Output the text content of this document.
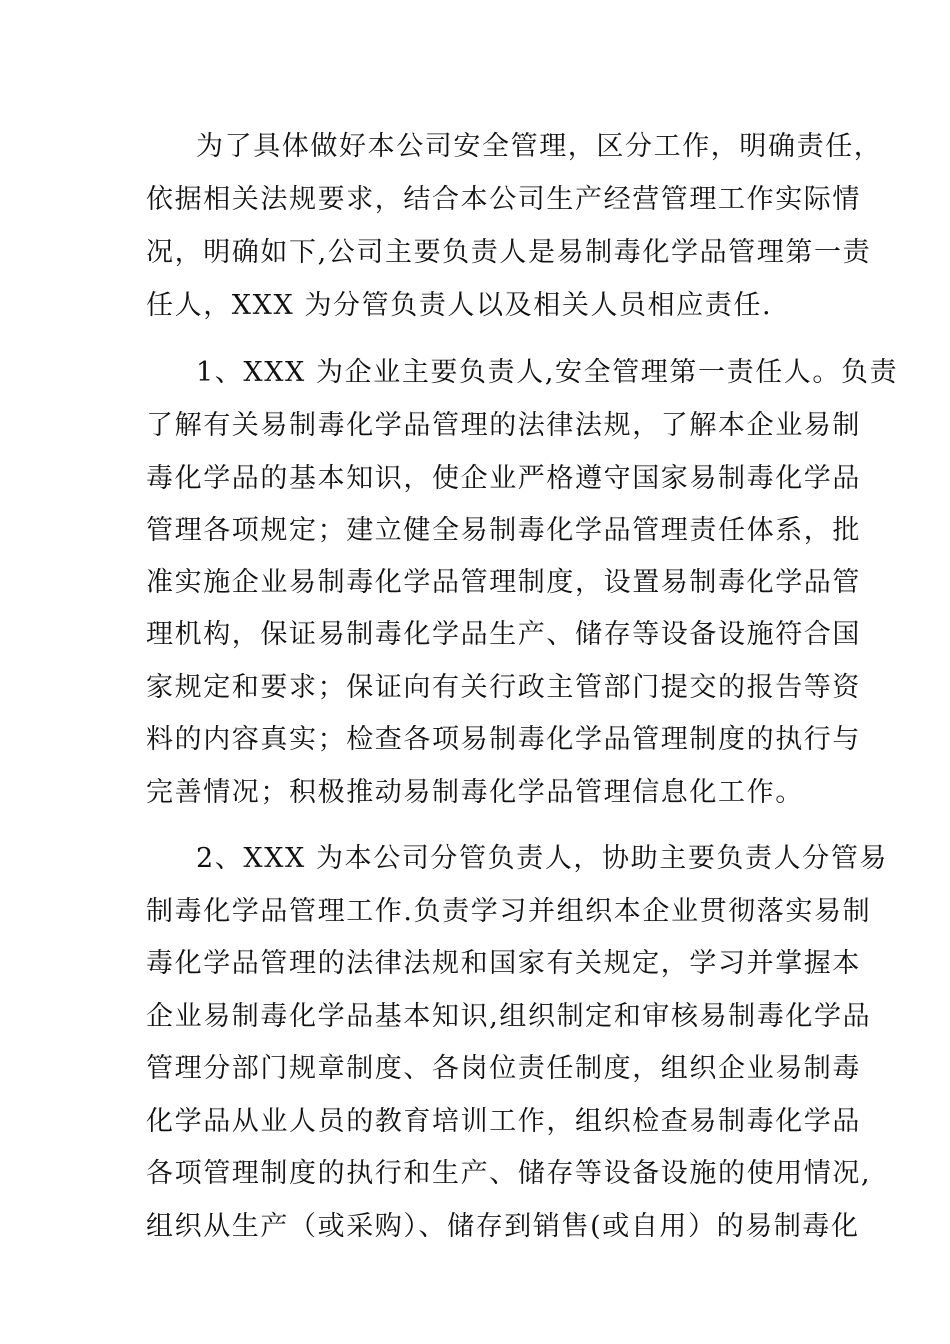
为了具体做好本公司安全管理，区分工作，明确责任，
依据相关法规要求，结合本公司生产经营管理工作实际情
况，明确如下,公司主要负责人是易制毒化学品管理第一责
任人，XXX 为分管负责人以及相关人员相应责任.
1、XXX 为企业主要负责人,安全管理第一责任人。负责
了解有关易制毒化学品管理的法律法规，了解本企业易制
毒化学品的基本知识，使企业严格遵守国家易制毒化学品
管理各项规定；建立健全易制毒化学品管理责任体系，批
准实施企业易制毒化学品管理制度，设置易制毒化学品管
理机构，保证易制毒化学品生产、储存等设备设施符合国
家规定和要求；保证向有关行政主管部门提交的报告等资
料的内容真实；检查各项易制毒化学品管理制度的执行与
完善情况；积极推动易制毒化学品管理信息化工作。
2、XXX 为本公司分管负责人，协助主要负责人分管易
制毒化学品管理工作.负责学习并组织本企业贯彻落实易制
毒化学品管理的法律法规和国家有关规定，学习并掌握本
企业易制毒化学品基本知识,组织制定和审核易制毒化学品
管理分部门规章制度、各岗位责任制度，组织企业易制毒
化学品从业人员的教育培训工作，组织检查易制毒化学品
各项管理制度的执行和生产、储存等设备设施的使用情况,
组织从生产（或采购）、储存到销售(或自用）的易制毒化
